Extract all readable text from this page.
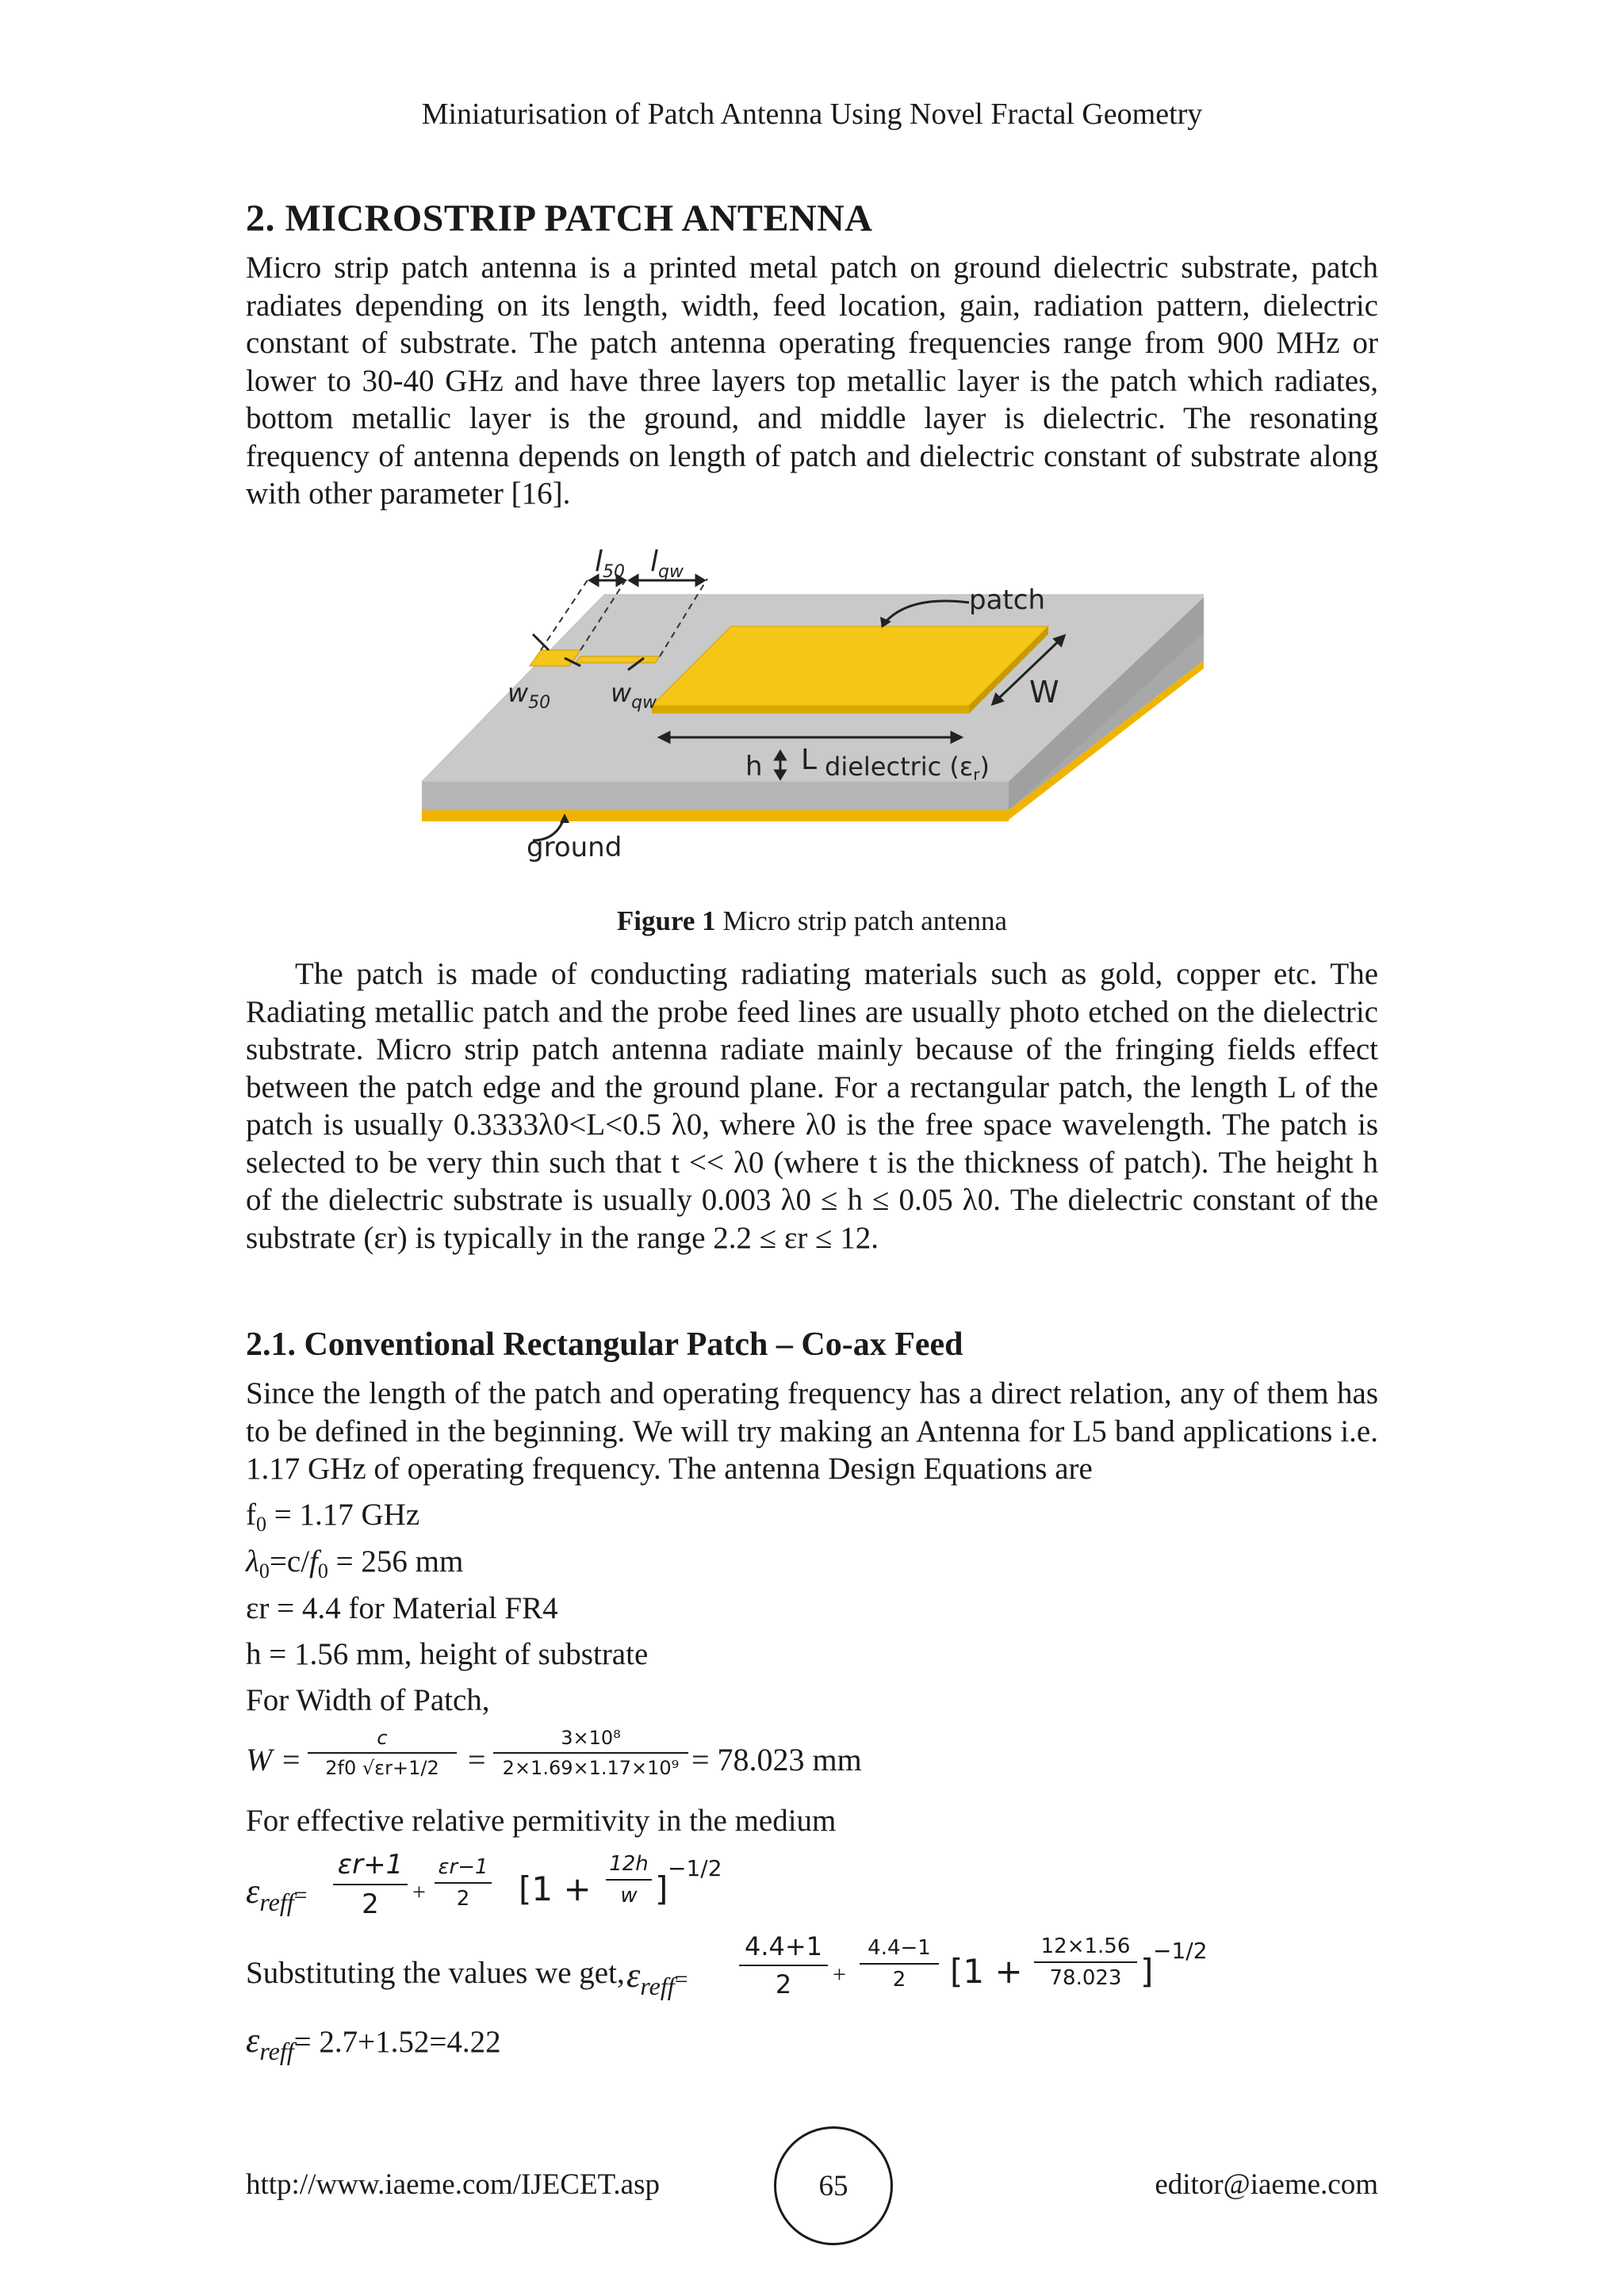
Miniaturisation of Patch Antenna Using Novel Fractal Geometry
2. MICROSTRIP PATCH ANTENNA
Micro strip patch antenna is a printed metal patch on ground dielectric substrate, patch radiates depending on its length, width, feed location, gain, radiation pattern, dielectric constant of substrate. The patch antenna operating frequencies range from 900 MHz or lower to 30-40 GHz and have three layers top metallic layer is the patch which radiates, bottom metallic layer is the ground, and middle layer is dielectric. The resonating frequency of antenna depends on length of patch and dielectric constant of substrate along with other parameter [16].
$l_{50}$ $l_{qw}$
patch
W
$w_{50}$ $w_{qw}$
L
h dielectric (εr)
ground
Figure 1 Micro strip patch antenna
The patch is made of conducting radiating materials such as gold, copper etc. The Radiating metallic patch and the probe feed lines are usually photo etched on the dielectric substrate. Micro strip patch antenna radiate mainly because of the fringing fields effect between the patch edge and the ground plane. For a rectangular patch, the length L of the patch is usually 0.3333λ0<L<0.5 λ0, where λ0 is the free space wavelength. The patch is selected to be very thin such that t << λ0 (where t is the thickness of patch). The height h of the dielectric substrate is usually 0.003 λ0 ≤ h ≤ 0.05 λ0. The dielectric constant of the substrate (εr) is typically in the range 2.2 ≤ εr ≤ 12.
2.1. Conventional Rectangular Patch – Co-ax Feed
Since the length of the patch and operating frequency has a direct relation, any of them has to be defined in the beginning. We will try making an Antenna for L5 band applications i.e. 1.17 GHz of operating frequency. The antenna Design Equations are
$f_0 = 1.17$ GHz
$\lambda_0=c/f_0 = 256$ mm
εr = 4.4 for Material FR4
h = 1.56 mm, height of substrate
For Width of Patch,
W =
c
2f0 √εr+1/2 =
3×10⁸
2×1.69×1.17×10⁹ = 78.023 mm
For effective relative permitivity in the medium
$\varepsilon_{reff}=$
εr+1
2	+
εr−1
2	[1 +
12h
w ]
−1/2
Substituting the values we get, $\varepsilon_{reff}=$
4.4+1
2	+
4.4−1
2	[1 +
12×1.56
78.023 ]
−1/2
$\varepsilon_{reff}= 2.7+1.52=4.22$
http://www.iaeme.com/IJECET.asp	65	editor@iaeme.com
